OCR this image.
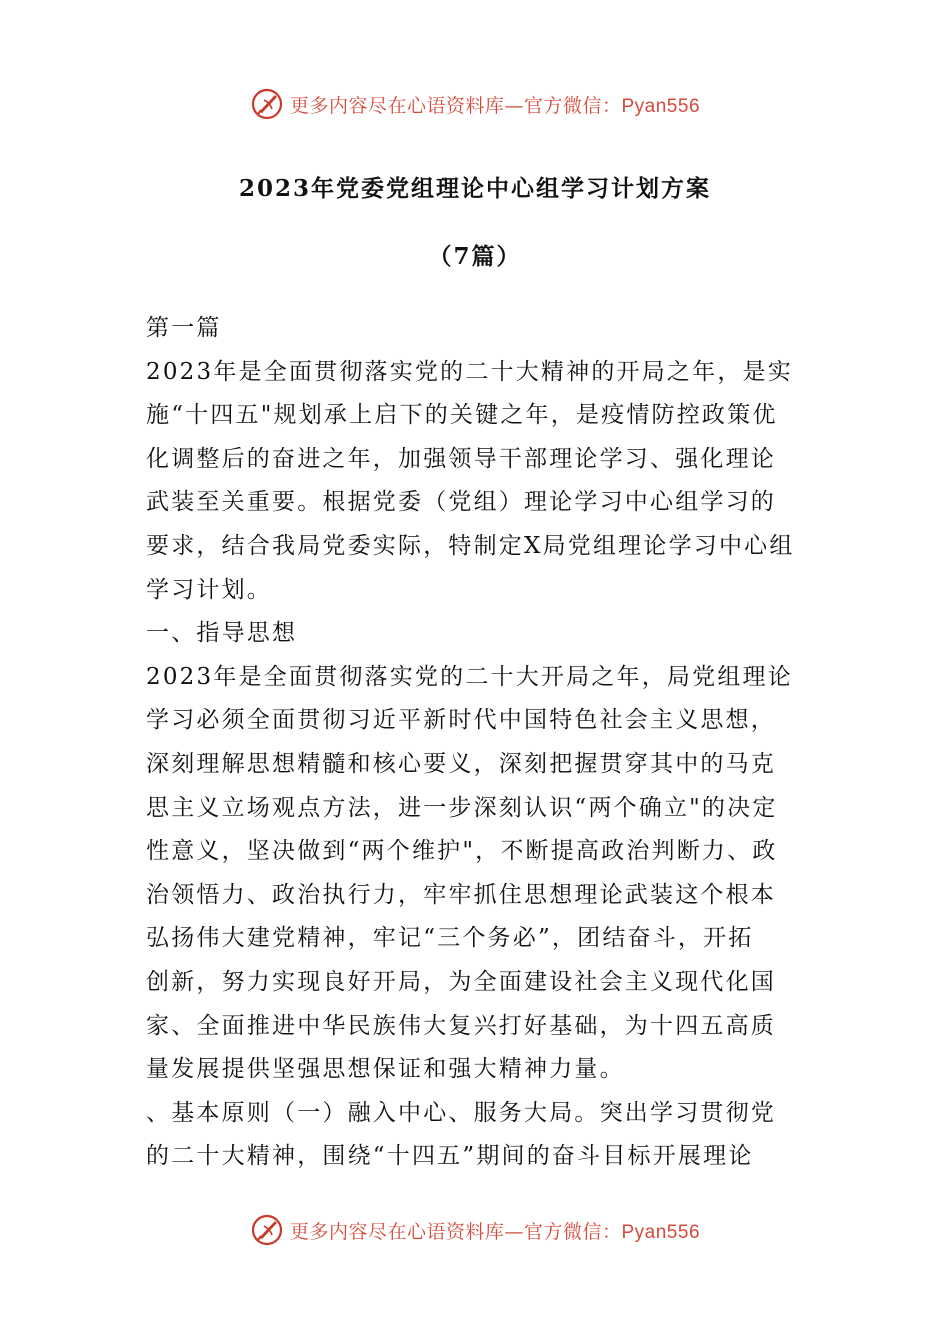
更多内容尽在心语资料库—官方微信：Pyan556
2023年党委党组理论中心组学习计划方案
（7篇）
第一篇
2023年是全面贯彻落实党的二十大精神的开局之年，是实
施“十四五"规划承上启下的关键之年，是疫情防控政策优
化调整后的奋进之年，加强领导干部理论学习、强化理论
武装至关重要。根据党委（党组）理论学习中心组学习的
要求，结合我局党委实际，特制定X局党组理论学习中心组
学习计划。
一、指导思想
2023年是全面贯彻落实党的二十大开局之年，局党组理论
学习必须全面贯彻习近平新时代中国特色社会主义思想，
深刻理解思想精髓和核心要义，深刻把握贯穿其中的马克
思主义立场观点方法，进一步深刻认识“两个确立"的决定
性意义，坚决做到“两个维护"，不断提高政治判断力、政
治领悟力、政治执行力，牢牢抓住思想理论武装这个根本
弘扬伟大建党精神，牢记“三个务必”，团结奋斗，开拓
创新，努力实现良好开局，为全面建设社会主义现代化国
家、全面推进中华民族伟大复兴打好基础，为十四五高质
量发展提供坚强思想保证和强大精神力量。
、基本原则（一）融入中心、服务大局。突出学习贯彻党
的二十大精神，围绕“十四五”期间的奋斗目标开展理论
更多内容尽在心语资料库—官方微信：Pyan556
